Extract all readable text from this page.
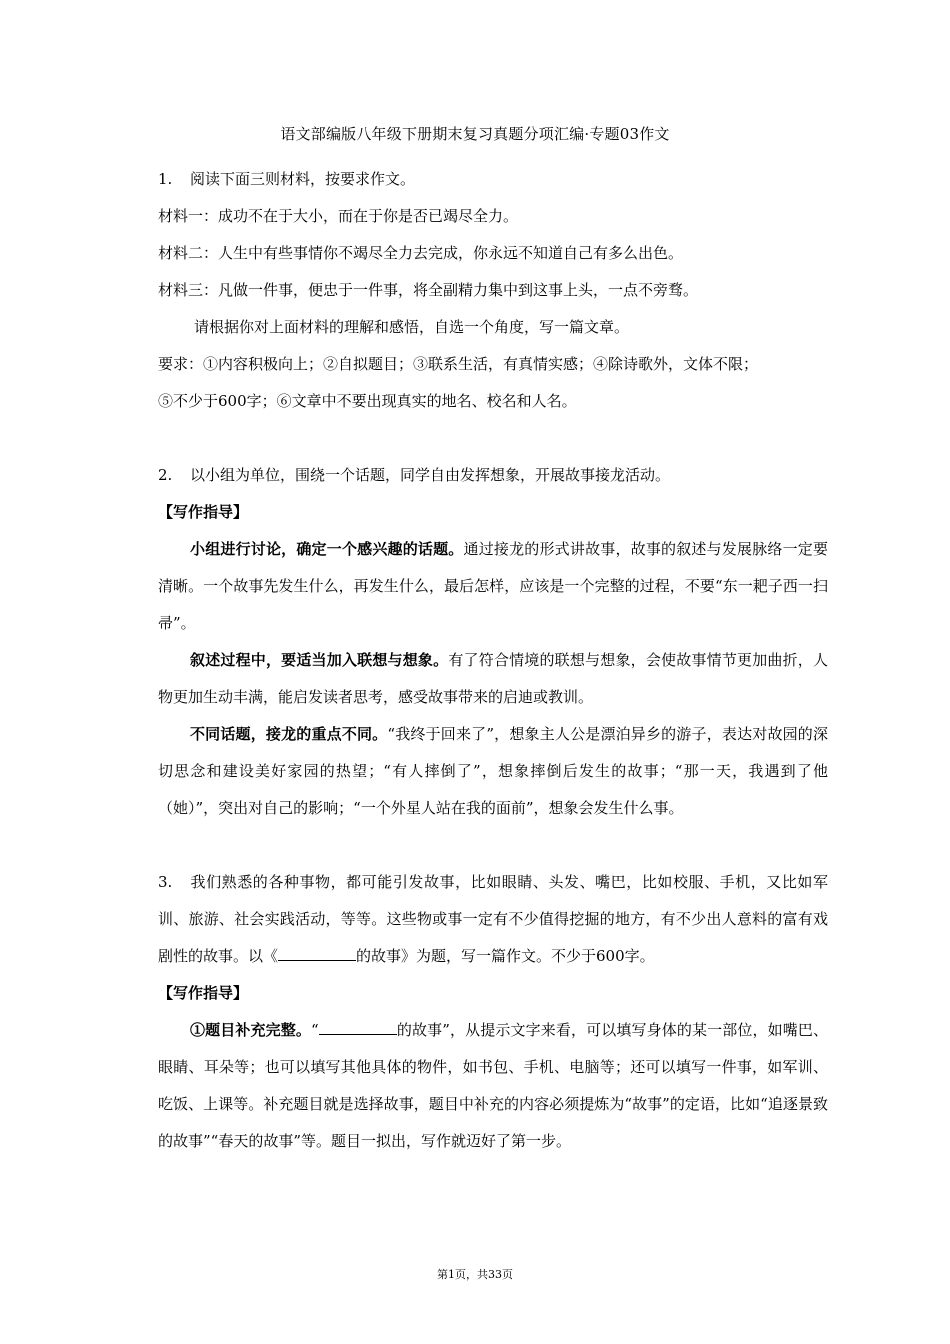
语文部编版八年级下册期末复习真题分项汇编·专题03作文

1. 阅读下面三则材料，按要求作文。

材料一：成功不在于大小，而在于你是否已竭尽全力。

材料二：人生中有些事情你不竭尽全力去完成，你永远不知道自己有多么出色。

材料三：凡做一件事，便忠于一件事，将全副精力集中到这事上头，一点不旁骛。

请根据你对上面材料的理解和感悟，自选一个角度，写一篇文章。

要求：①内容积极向上；②自拟题目；③联系生活，有真情实感；④除诗歌外，文体不限；

⑤不少于600字；⑥文章中不要出现真实的地名、校名和人名。

2. 以小组为单位，围绕一个话题，同学自由发挥想象，开展故事接龙活动。

【写作指导】

小组进行讨论，确定一个感兴趣的话题。通过接龙的形式讲故事，故事的叙述与发展脉络一定要清晰。一个故事先发生什么，再发生什么，最后怎样，应该是一个完整的过程，不要“东一耙子西一扫帚”。

叙述过程中，要适当加入联想与想象。有了符合情境的联想与想象，会使故事情节更加曲折，人物更加生动丰满，能启发读者思考，感受故事带来的启迪或教训。

不同话题，接龙的重点不同。“我终于回来了”，想象主人公是漂泊异乡的游子，表达对故园的深切思念和建设美好家园的热望；“有人摔倒了”，想象摔倒后发生的故事；“那一天，我遇到了他（她）”，突出对自己的影响；“一个外星人站在我的面前”，想象会发生什么事。

3. 我们熟悉的各种事物，都可能引发故事，比如眼睛、头发、嘴巴，比如校服、手机，又比如军训、旅游、社会实践活动，等等。这些物或事一定有不少值得挖掘的地方，有不少出人意料的富有戏剧性的故事。以《	的故事》为题，写一篇作文。不少于600字。

【写作指导】

①题目补充完整。“	的故事”，从提示文字来看，可以填写身体的某一部位，如嘴巴、眼睛、耳朵等；也可以填写其他具体的物件，如书包、手机、电脑等；还可以填写一件事，如军训、吃饭、上课等。补充题目就是选择故事，题目中补充的内容必须提炼为“故事”的定语，比如“追逐景致的故事”“春天的故事”等。题目一拟出，写作就迈好了第一步。

第1页，共33页
